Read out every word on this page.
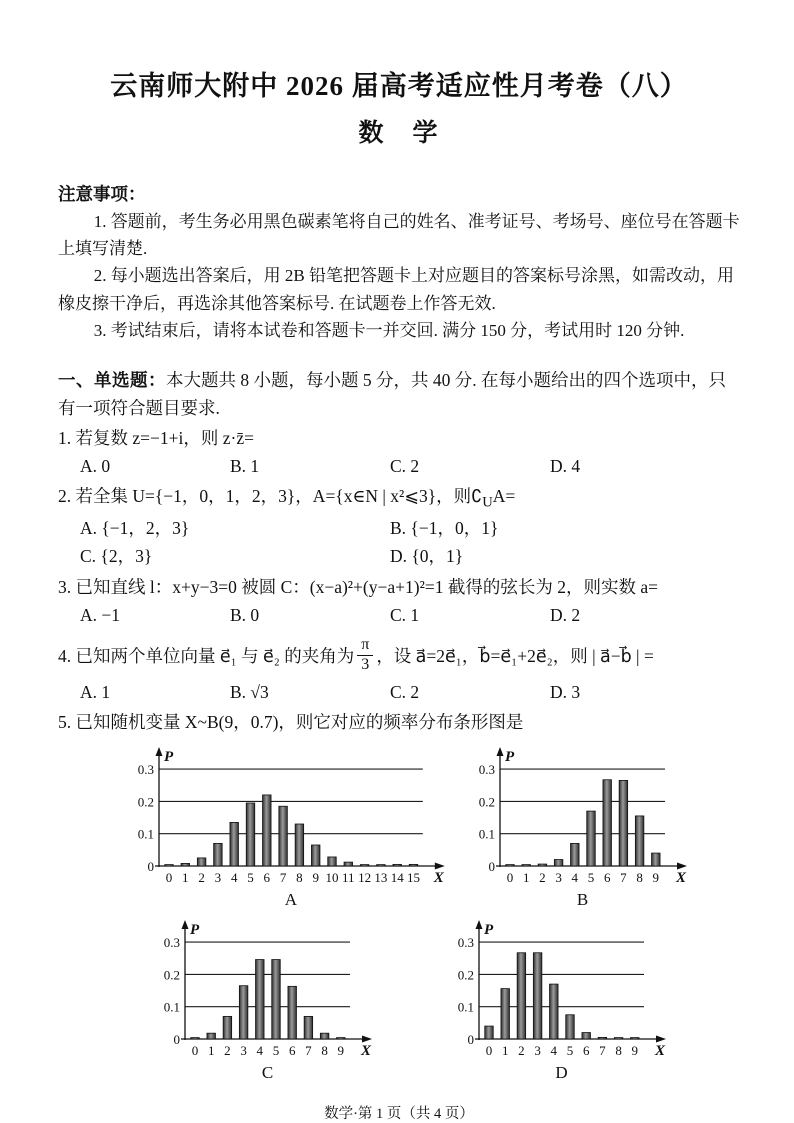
云南师大附中 2026 届高考适应性月考卷（八）
数　学
注意事项：

1. 答题前，考生务必用黑色碳素笔将自己的姓名、准考证号、考场号、座位号在答题卡上填写清楚.

2. 每小题选出答案后，用 2B 铅笔把答题卡上对应题目的答案标号涂黑，如需改动，用橡皮擦干净后，再选涂其他答案标号. 在试题卷上作答无效.

3. 考试结束后，请将本试卷和答题卡一并交回. 满分 150 分，考试用时 120 分钟.

一、单选题：本大题共 8 小题，每小题 5 分，共 40 分. 在每小题给出的四个选项中，只有一项符合题目要求.

1. 若复数 z=−1+i，则 z·z̄=

A. 0	B. 1	C. 2	D. 4

2. 若全集 U={−1，0，1，2，3}，A={x∈N | x²⩽3}，则$∁_UA=$

A. {−1，2，3}	B. {−1，0，1}
C. {2，3}	D. {0，1}

3. 已知直线 l：x+y−3=0 被圆 C：(x−a)²+(y−a+1)²=1 截得的弦长为 2，则实数 a=

A. −1	B. 0	C. 1	D. 2
4. 已知两个单位向量 e⃗₁ 与 e⃗₂ 的夹角为 $\frac{\pi}{3}$ ，设 a⃗=2e⃗₁，b⃗=e⃗₁+2e⃗₂，则 | a⃗−b⃗ | =
A. 1	B. √3	C. 2	D. 3

5. 已知随机变量 X~B(9，0.7)，则它对应的频率分布条形图是

0
0.1
0.2
0.3
P
X
0 1 2 3 4 5 6 7 8 9 10 11 12 13 14 15
A
0
0.1
0.2
0.3
P
X
0 1 2 3 4 5 6 7 8 9
B
0
0.1
0.2
0.3
P
X
0 1 2 3 4 5 6 7 8 9
C
0
0.1
0.2
0.3
P
X
0 1 2 3 4 5 6 7 8 9
D
数学·第 1 页（共 4 页）
